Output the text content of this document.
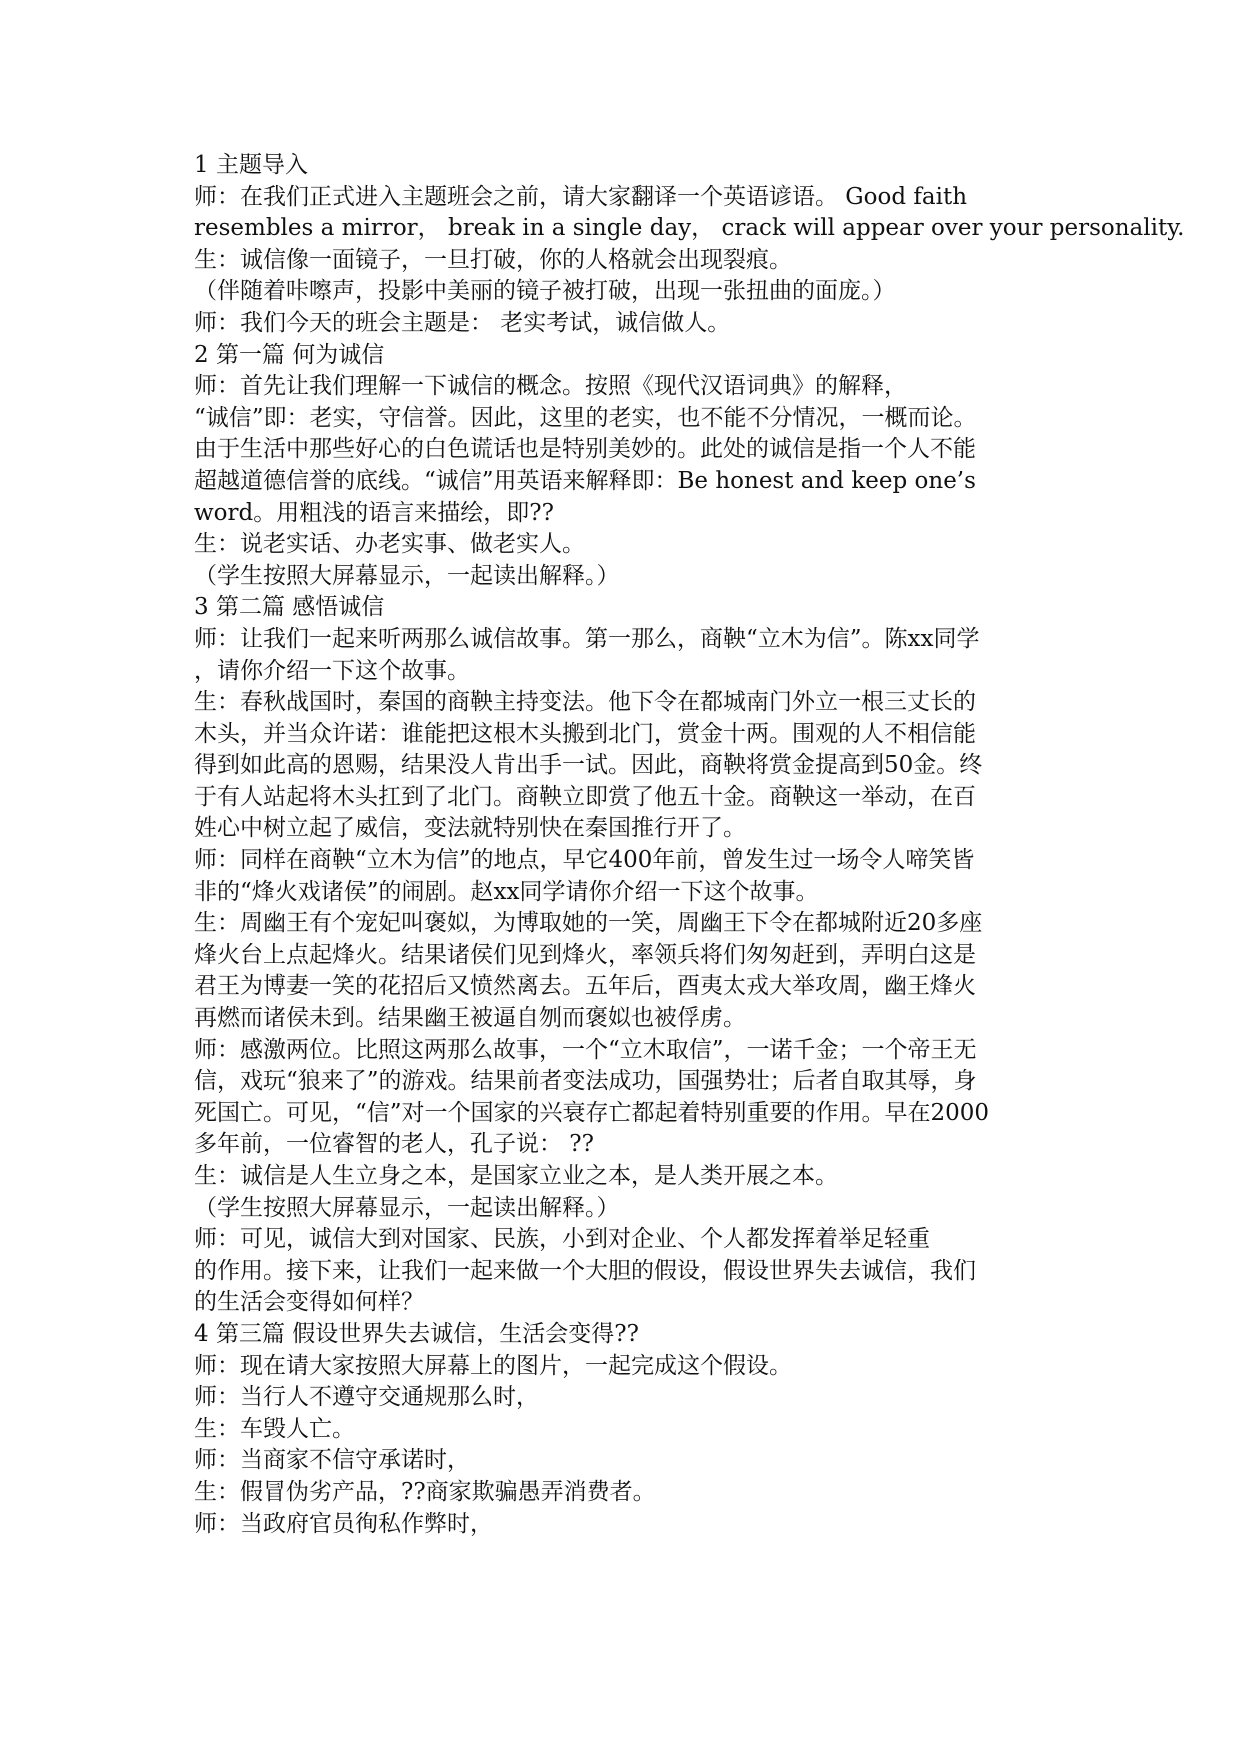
1 主题导入
师：在我们正式进入主题班会之前，请大家翻译一个英语谚语。 Good faith
resembles a mirror， break in a single day， crack will appear over your personality.
生：诚信像一面镜子，一旦打破，你的人格就会出现裂痕。
（伴随着咔嚓声，投影中美丽的镜子被打破，出现一张扭曲的面庞。）
师：我们今天的班会主题是： 老实考试，诚信做人。
2 第一篇 何为诚信
师：首先让我们理解一下诚信的概念。按照《现代汉语词典》的解释，
“诚信”即：老实，守信誉。因此，这里的老实，也不能不分情况，一概而论。
由于生活中那些好心的白色谎话也是特别美妙的。此处的诚信是指一个人不能
超越道德信誉的底线。“诚信”用英语来解释即：Be honest and keep one’s
word。用粗浅的语言来描绘，即??
生：说老实话、办老实事、做老实人。
（学生按照大屏幕显示，一起读出解释。）
3 第二篇 感悟诚信
师：让我们一起来听两那么诚信故事。第一那么，商鞅“立木为信”。陈xx同学
，请你介绍一下这个故事。
生：春秋战国时，秦国的商鞅主持变法。他下令在都城南门外立一根三丈长的
木头，并当众许诺：谁能把这根木头搬到北门，赏金十两。围观的人不相信能
得到如此高的恩赐，结果没人肯出手一试。因此，商鞅将赏金提高到50金。终
于有人站起将木头扛到了北门。商鞅立即赏了他五十金。商鞅这一举动，在百
姓心中树立起了威信，变法就特别快在秦国推行开了。
师：同样在商鞅“立木为信”的地点，早它400年前，曾发生过一场令人啼笑皆
非的“烽火戏诸侯”的闹剧。赵xx同学请你介绍一下这个故事。
生：周幽王有个宠妃叫褒姒，为博取她的一笑，周幽王下令在都城附近20多座
烽火台上点起烽火。结果诸侯们见到烽火，率领兵将们匆匆赶到，弄明白这是
君王为博妻一笑的花招后又愤然离去。五年后，酉夷太戎大举攻周，幽王烽火
再燃而诸侯未到。结果幽王被逼自刎而褒姒也被俘虏。
师：感激两位。比照这两那么故事，一个“立木取信”，一诺千金；一个帝王无
信，戏玩“狼来了”的游戏。结果前者变法成功，国强势壮；后者自取其辱，身
死国亡。可见，“信”对一个国家的兴衰存亡都起着特别重要的作用。早在2000
多年前，一位睿智的老人，孔子说： ??
生：诚信是人生立身之本，是国家立业之本，是人类开展之本。
（学生按照大屏幕显示，一起读出解释。）
师：可见，诚信大到对国家、民族，小到对企业、个人都发挥着举足轻重
的作用。接下来，让我们一起来做一个大胆的假设，假设世界失去诚信，我们
的生活会变得如何样？
4 第三篇 假设世界失去诚信，生活会变得??
师：现在请大家按照大屏幕上的图片，一起完成这个假设。
师：当行人不遵守交通规那么时，
生：车毁人亡。
师：当商家不信守承诺时，
生：假冒伪劣产品，??商家欺骗愚弄消费者。
师：当政府官员徇私作弊时，
